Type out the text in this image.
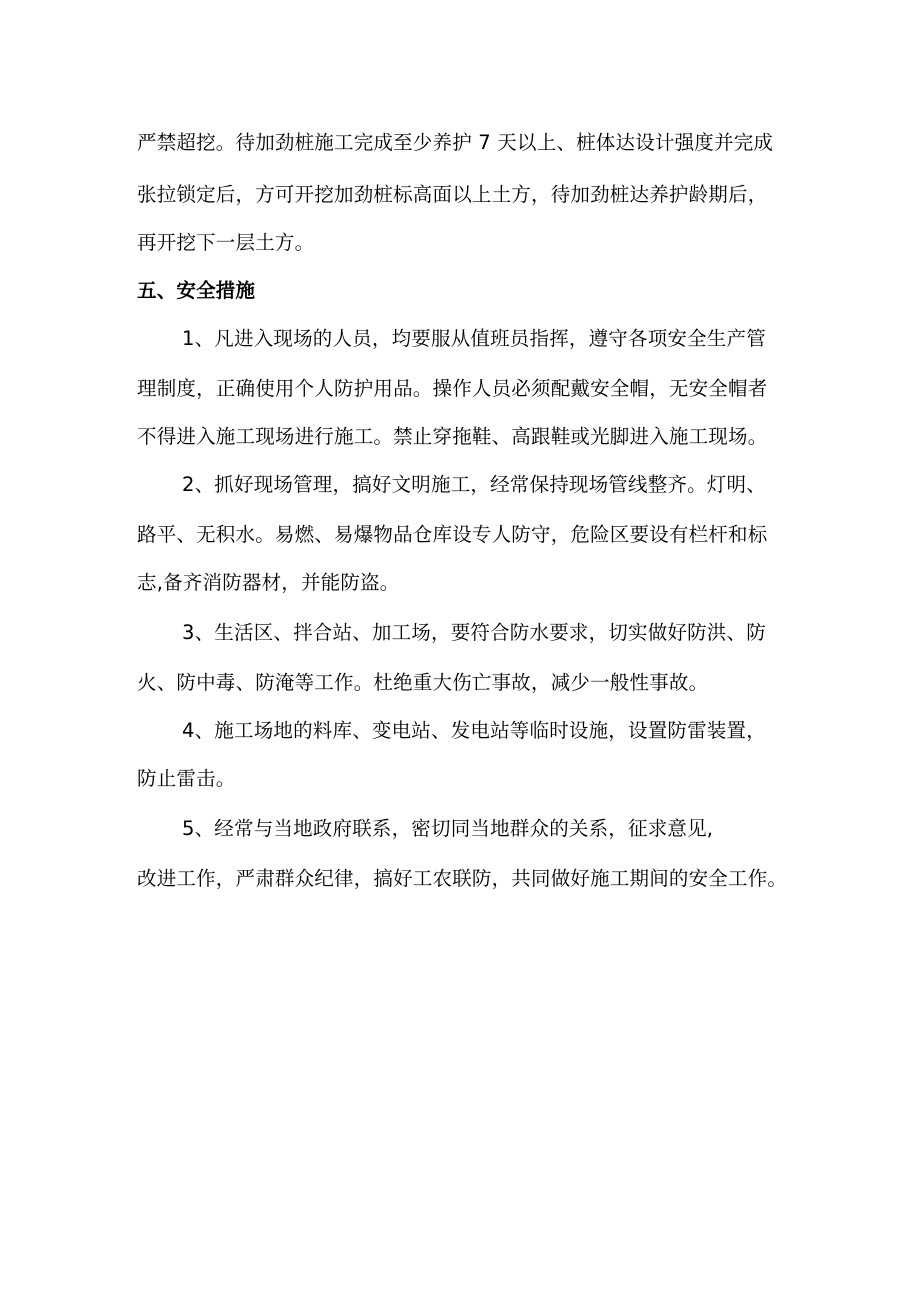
严禁超挖。待加劲桩施工完成至少养护 7 天以上、桩体达设计强度并完成
张拉锁定后，方可开挖加劲桩标高面以上土方，待加劲桩达养护龄期后，
再开挖下一层土方。
五、安全措施
1、凡进入现场的人员，均要服从值班员指挥，遵守各项安全生产管
理制度，正确使用个人防护用品。操作人员必须配戴安全帽，无安全帽者
不得进入施工现场进行施工。禁止穿拖鞋、高跟鞋或光脚进入施工现场。
2、抓好现场管理，搞好文明施工，经常保持现场管线整齐。灯明、
路平、无积水。易燃、易爆物品仓库设专人防守，危险区要设有栏杆和标
志,备齐消防器材，并能防盗。
3、生活区、拌合站、加工场，要符合防水要求，切实做好防洪、防
火、防中毒、防淹等工作。杜绝重大伤亡事故，减少一般性事故。
4、施工场地的料库、变电站、发电站等临时设施，设置防雷装置，
防止雷击。
5、经常与当地政府联系，密切同当地群众的关系，征求意见,
改进工作，严肃群众纪律，搞好工农联防，共同做好施工期间的安全工作。
